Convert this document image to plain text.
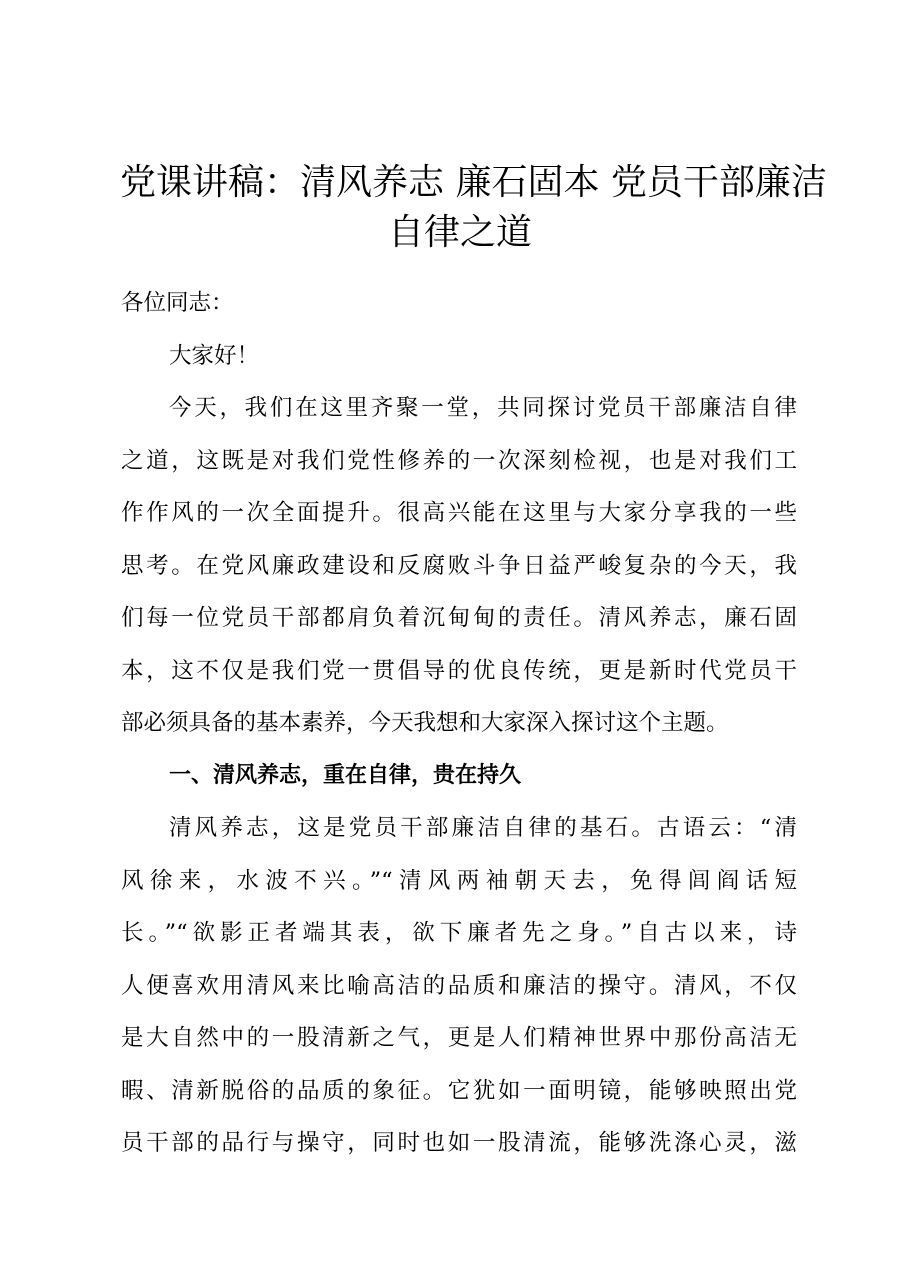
党课讲稿：清风养志 廉石固本 党员干部廉洁
自律之道
各位同志：
大家好！
今天，我们在这里齐聚一堂，共同探讨党员干部廉洁自律
之道，这既是对我们党性修养的一次深刻检视，也是对我们工
作作风的一次全面提升。很高兴能在这里与大家分享我的一些
思考。在党风廉政建设和反腐败斗争日益严峻复杂的今天，我
们每一位党员干部都肩负着沉甸甸的责任。清风养志，廉石固
本，这不仅是我们党一贯倡导的优良传统，更是新时代党员干
部必须具备的基本素养，今天我想和大家深入探讨这个主题。
一、清风养志，重在自律，贵在持久
清风养志，这是党员干部廉洁自律的基石。古语云：“清
风徐来，水波不兴。”“清风两袖朝天去，免得闾阎话短
长。”“欲影正者端其表，欲下廉者先之身。”自古以来，诗
人便喜欢用清风来比喻高洁的品质和廉洁的操守。清风，不仅
是大自然中的一股清新之气，更是人们精神世界中那份高洁无
暇、清新脱俗的品质的象征。它犹如一面明镜，能够映照出党
员干部的品行与操守，同时也如一股清流，能够洗涤心灵，滋
